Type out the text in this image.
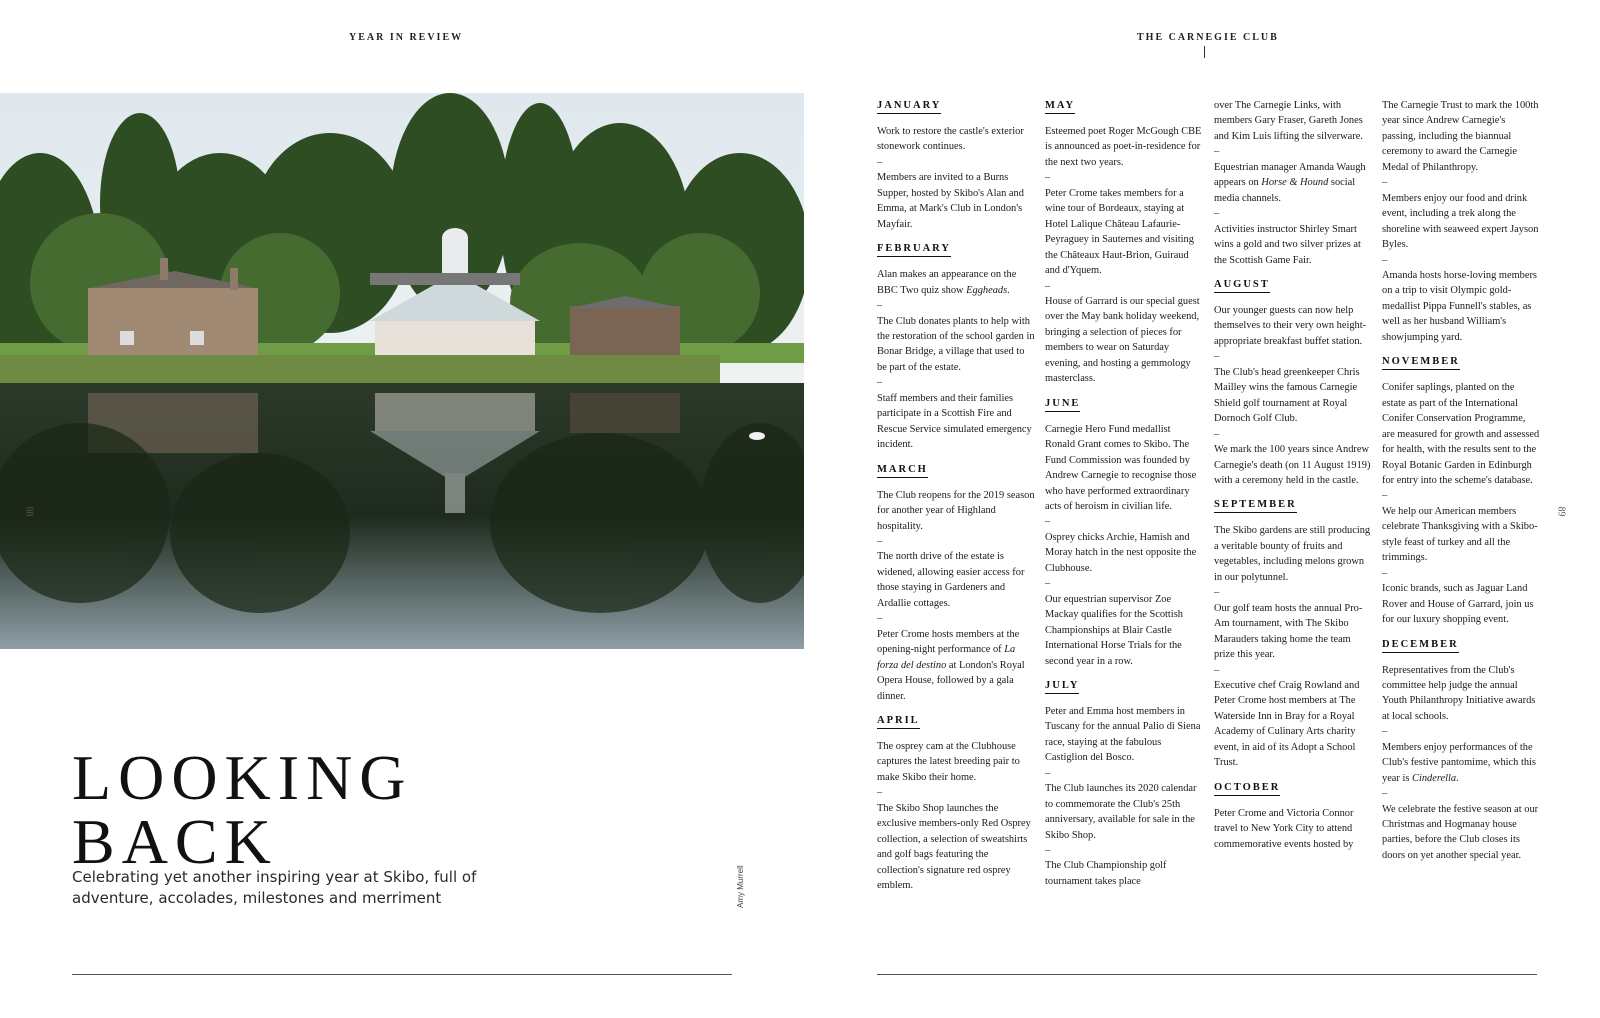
YEAR IN REVIEW	THE CARNEGIE CLUB
88	89
LOOKING
BACK

Celebrating yet another inspiring year at Skibo, full of adventure, accolades, milestones and merriment	Amy Murrell
JANUARY

Work to restore the castle's exterior stonework continues.

–

Members are invited to a Burns Supper, hosted by Skibo's Alan and Emma, at Mark's Club in London's Mayfair.

FEBRUARY

Alan makes an appearance on the BBC Two quiz show Eggheads.

–

The Club donates plants to help with the restoration of the school garden in Bonar Bridge, a village that used to be part of the estate.

–

Staff members and their families participate in a Scottish Fire and Rescue Service simulated emergency incident.

MARCH

The Club reopens for the 2019 season for another year of Highland hospitality.

–

The north drive of the estate is widened, allowing easier access for those staying in Gardeners and Ardallie cottages.

–

Peter Crome hosts members at the opening-night performance of La forza del destino at London's Royal Opera House, followed by a gala dinner.

APRIL

The osprey cam at the Clubhouse captures the latest breeding pair to make Skibo their home.

–

The Skibo Shop launches the exclusive members-only Red Osprey collection, a selection of sweatshirts and golf bags featuring the collection's signature red osprey emblem.

MAY

Esteemed poet Roger McGough CBE is announced as poet-in-residence for the next two years.

–

Peter Crome takes members for a wine tour of Bordeaux, staying at Hotel Lalique Château Lafaurie-Peyraguey in Sauternes and visiting the Châteaux Haut-Brion, Guiraud and d'Yquem.

–

House of Garrard is our special guest over the May bank holiday weekend, bringing a selection of pieces for members to wear on Saturday evening, and hosting a gemmology masterclass.

JUNE

Carnegie Hero Fund medallist Ronald Grant comes to Skibo. The Fund Commission was founded by Andrew Carnegie to recognise those who have performed extraordinary acts of heroism in civilian life.

–

Osprey chicks Archie, Hamish and Moray hatch in the nest opposite the Clubhouse.

–

Our equestrian supervisor Zoe Mackay qualifies for the Scottish Championships at Blair Castle International Horse Trials for the second year in a row.

JULY

Peter and Emma host members in Tuscany for the annual Palio di Siena race, staying at the fabulous Castiglion del Bosco.

–

The Club launches its 2020 calendar to commemorate the Club's 25th anniversary, available for sale in the Skibo Shop.

–

The Club Championship golf tournament takes place

over The Carnegie Links, with members Gary Fraser, Gareth Jones and Kim Luis lifting the silverware.

–

Equestrian manager Amanda Waugh appears on Horse & Hound social media channels.

–

Activities instructor Shirley Smart wins a gold and two silver prizes at the Scottish Game Fair.

AUGUST

Our younger guests can now help themselves to their very own height-appropriate breakfast buffet station.

–

The Club's head greenkeeper Chris Mailley wins the famous Carnegie Shield golf tournament at Royal Dornoch Golf Club.

–

We mark the 100 years since Andrew Carnegie's death (on 11 August 1919) with a ceremony held in the castle.

SEPTEMBER

The Skibo gardens are still producing a veritable bounty of fruits and vegetables, including melons grown in our polytunnel.

–

Our golf team hosts the annual Pro-Am tournament, with The Skibo Marauders taking home the team prize this year.

–

Executive chef Craig Rowland and Peter Crome host members at The Waterside Inn in Bray for a Royal Academy of Culinary Arts charity event, in aid of its Adopt a School Trust.

OCTOBER

Peter Crome and Victoria Connor travel to New York City to attend commemorative events hosted by

The Carnegie Trust to mark the 100th year since Andrew Carnegie's passing, including the biannual ceremony to award the Carnegie Medal of Philanthropy.

–

Members enjoy our food and drink event, including a trek along the shoreline with seaweed expert Jayson Byles.

–

Amanda hosts horse-loving members on a trip to visit Olympic gold-medallist Pippa Funnell's stables, as well as her husband William's showjumping yard.

NOVEMBER

Conifer saplings, planted on the estate as part of the International Conifer Conservation Programme, are measured for growth and assessed for health, with the results sent to the Royal Botanic Garden in Edinburgh for entry into the scheme's database.

–

We help our American members celebrate Thanksgiving with a Skibo-style feast of turkey and all the trimmings.

–

Iconic brands, such as Jaguar Land Rover and House of Garrard, join us for our luxury shopping event.

DECEMBER

Representatives from the Club's committee help judge the annual Youth Philanthropy Initiative awards at local schools.

–

Members enjoy performances of the Club's festive pantomime, which this year is Cinderella.

–

We celebrate the festive season at our Christmas and Hogmanay house parties, before the Club closes its doors on yet another special year.
